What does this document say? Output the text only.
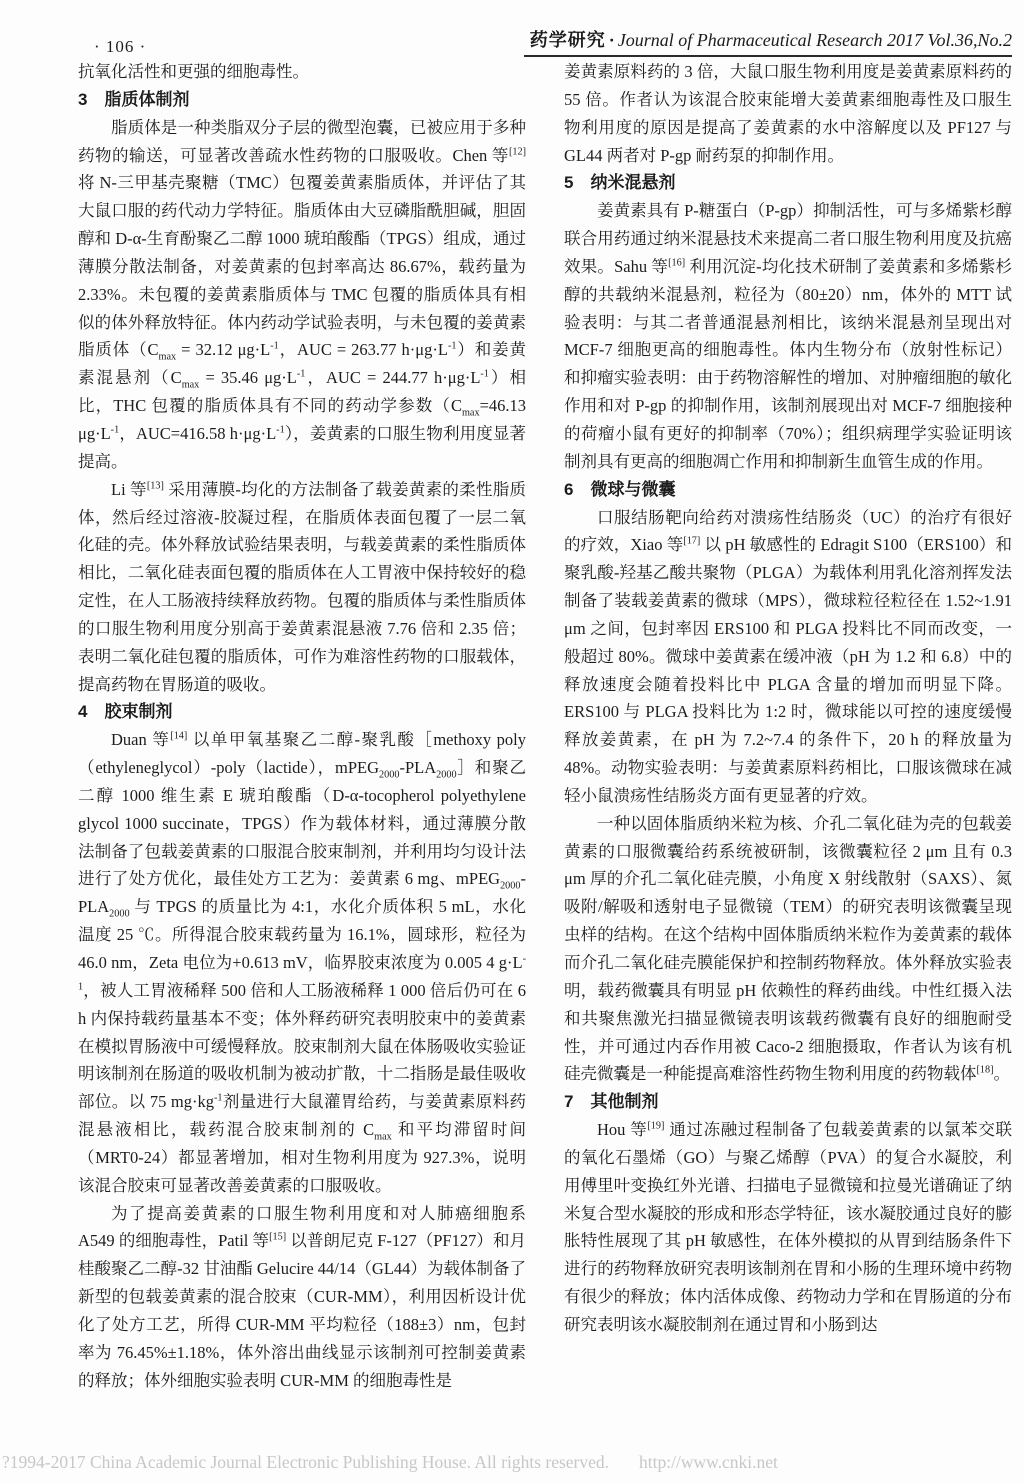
· 106 ·	药学研究 · Journal of Pharmaceutical Research 2017 Vol.36,No.2
抗氧化活性和更强的细胞毒性。
3　脂质体制剂
脂质体是一种类脂双分子层的微型泡囊，已被应用于多种药物的输送，可显著改善疏水性药物的口服吸收。Chen 等[12] 将 N-三甲基壳聚糖（TMC）包覆姜黄素脂质体，并评估了其大鼠口服的药代动力学特征。脂质体由大豆磷脂酰胆碱，胆固醇和 D-α-生育酚聚乙二醇 1000 琥珀酸酯（TPGS）组成，通过薄膜分散法制备，对姜黄素的包封率高达 86.67%，载药量为 2.33%。未包覆的姜黄素脂质体与 TMC 包覆的脂质体具有相似的体外释放特征。体内药动学试验表明，与未包覆的姜黄素脂质体（$C_{max} = 32.12$ $\mu g\cdot L^{-1}$，AUC = 263.77 $h\cdot\mu g\cdot L^{-1}$）和姜黄素混悬剂（$C_{max} = 35.46$ $\mu g\cdot L^{-1}$，AUC = 244.77 $h\cdot\mu g\cdot L^{-1}$）相比，THC 包覆的脂质体具有不同的药动学参数（$C_{max}=46.13$ $\mu g\cdot L^{-1}$，AUC=416.58 $h\cdot\mu g\cdot L^{-1}$），姜黄素的口服生物利用度显著提高。
Li 等[13] 采用薄膜-均化的方法制备了载姜黄素的柔性脂质体，然后经过溶液-胶凝过程，在脂质体表面包覆了一层二氧化硅的壳。体外释放试验结果表明，与载姜黄素的柔性脂质体相比，二氧化硅表面包覆的脂质体在人工胃液中保持较好的稳定性，在人工肠液持续释放药物。包覆的脂质体与柔性脂质体的口服生物利用度分别高于姜黄素混悬液 7.76 倍和 2.35 倍；表明二氧化硅包覆的脂质体，可作为难溶性药物的口服载体，提高药物在胃肠道的吸收。
4　胶束制剂
Duan 等[14] 以单甲氧基聚乙二醇-聚乳酸［methoxy poly（ethyleneglycol）-poly（lactide），$mPEG_{2000}-PLA_{2000}]$和聚乙二醇 1000 维生素 E 琥珀酸酯（D-α-tocopherol polyethylene glycol 1000 succinate，TPGS）作为载体材料，通过薄膜分散法制备了包载姜黄素的口服混合胶束制剂，并利用均匀设计法进行了处方优化，最佳处方工艺为：姜黄素 6 mg、$mPEG_{2000}-PLA_{2000}$ 与 TPGS 的质量比为 4:1，水化介质体积 5 mL，水化温度 25 ℃。所得混合胶束载药量为 16.1%，圆球形，粒径为 46.0 nm，Zeta 电位为+0.613 mV，临界胶束浓度为 0.005 4 $g\cdot L^{-1}$，被人工胃液稀释 500 倍和人工肠液稀释 1 000 倍后仍可在 6 h 内保持载药量基本不变；体外释药研究表明胶束中的姜黄素在模拟胃肠液中可缓慢释放。胶束制剂大鼠在体肠吸收实验证明该制剂在肠道的吸收机制为被动扩散，十二指肠是最佳吸收部位。以 75 $mg\cdot kg^{-1}$剂量进行大鼠灌胃给药，与姜黄素原料药混悬液相比，载药混合胶束制剂的 $C_{max}$ 和平均滞留时间（MRT0-24）都显著增加，相对生物利用度为 927.3%，说明该混合胶束可显著改善姜黄素的口服吸收。
为了提高姜黄素的口服生物利用度和对人肺癌细胞系 A549 的细胞毒性，Patil 等[15] 以普朗尼克 F-127（PF127）和月桂酸聚乙二醇-32 甘油酯 Gelucire 44/14（GL44）为载体制备了新型的包载姜黄素的混合胶束（CUR-MM），利用因析设计优化了处方工艺，所得 CUR-MM 平均粒径（188±3）nm，包封率为 76.45%±1.18%，体外溶出曲线显示该制剂可控制姜黄素的释放；体外细胞实验表明 CUR-MM 的细胞毒性是
姜黄素原料药的 3 倍，大鼠口服生物利用度是姜黄素原料药的 55 倍。作者认为该混合胶束能增大姜黄素细胞毒性及口服生物利用度的原因是提高了姜黄素的水中溶解度以及 PF127 与 GL44 两者对 P-gp 耐药泵的抑制作用。
5　纳米混悬剂
姜黄素具有 P-糖蛋白（P-gp）抑制活性，可与多烯紫杉醇联合用药通过纳米混悬技术来提高二者口服生物利用度及抗癌效果。Sahu 等[16] 利用沉淀-均化技术研制了姜黄素和多烯紫杉醇的共载纳米混悬剂，粒径为（80±20）nm，体外的 MTT 试验表明：与其二者普通混悬剂相比，该纳米混悬剂呈现出对 MCF-7 细胞更高的细胞毒性。体内生物分布（放射性标记）和抑瘤实验表明：由于药物溶解性的增加、对肿瘤细胞的敏化作用和对 P-gp 的抑制作用，该制剂展现出对 MCF-7 细胞接种的荷瘤小鼠有更好的抑制率（70%）；组织病理学实验证明该制剂具有更高的细胞凋亡作用和抑制新生血管生成的作用。
6　微球与微囊
口服结肠靶向给药对溃疡性结肠炎（UC）的治疗有很好的疗效，Xiao 等[17] 以 pH 敏感性的 Edragit S100（ERS100）和聚乳酸-羟基乙酸共聚物（PLGA）为载体利用乳化溶剂挥发法制备了装载姜黄素的微球（MPS），微球粒径粒径在 1.52~1.91 μm 之间，包封率因 ERS100 和 PLGA 投料比不同而改变，一般超过 80%。微球中姜黄素在缓冲液（pH 为 1.2 和 6.8）中的释放速度会随着投料比中 PLGA 含量的增加而明显下降。ERS100 与 PLGA 投料比为 1:2 时，微球能以可控的速度缓慢释放姜黄素，在 pH 为 7.2~7.4 的条件下，20 h 的释放量为 48%。动物实验表明：与姜黄素原料药相比，口服该微球在减轻小鼠溃疡性结肠炎方面有更显著的疗效。
一种以固体脂质纳米粒为核、介孔二氧化硅为壳的包载姜黄素的口服微囊给药系统被研制，该微囊粒径 2 μm 且有 0.3 μm 厚的介孔二氧化硅壳膜，小角度 X 射线散射（SAXS）、氮吸附/解吸和透射电子显微镜（TEM）的研究表明该微囊呈现虫样的结构。在这个结构中固体脂质纳米粒作为姜黄素的载体而介孔二氧化硅壳膜能保护和控制药物释放。体外释放实验表明，载药微囊具有明显 pH 依赖性的释药曲线。中性红摄入法和共聚焦激光扫描显微镜表明该载药微囊有良好的细胞耐受性，并可通过内吞作用被 Caco-2 细胞摄取，作者认为该有机硅壳微囊是一种能提高难溶性药物生物利用度的药物载体[18]。
7　其他制剂
Hou 等[19] 通过冻融过程制备了包载姜黄素的以氯苯交联的氧化石墨烯（GO）与聚乙烯醇（PVA）的复合水凝胶，利用傅里叶变换红外光谱、扫描电子显微镜和拉曼光谱确证了纳米复合型水凝胶的形成和形态学特征，该水凝胶通过良好的膨胀特性展现了其 pH 敏感性，在体外模拟的从胃到结肠条件下进行的药物释放研究表明该制剂在胃和小肠的生理环境中药物有很少的释放；体内活体成像、药物动力学和在胃肠道的分布研究表明该水凝胶制剂在通过胃和小肠到达
?1994-2017 China Academic Journal Electronic Publishing House. All rights reserved. http://www.cnki.net
